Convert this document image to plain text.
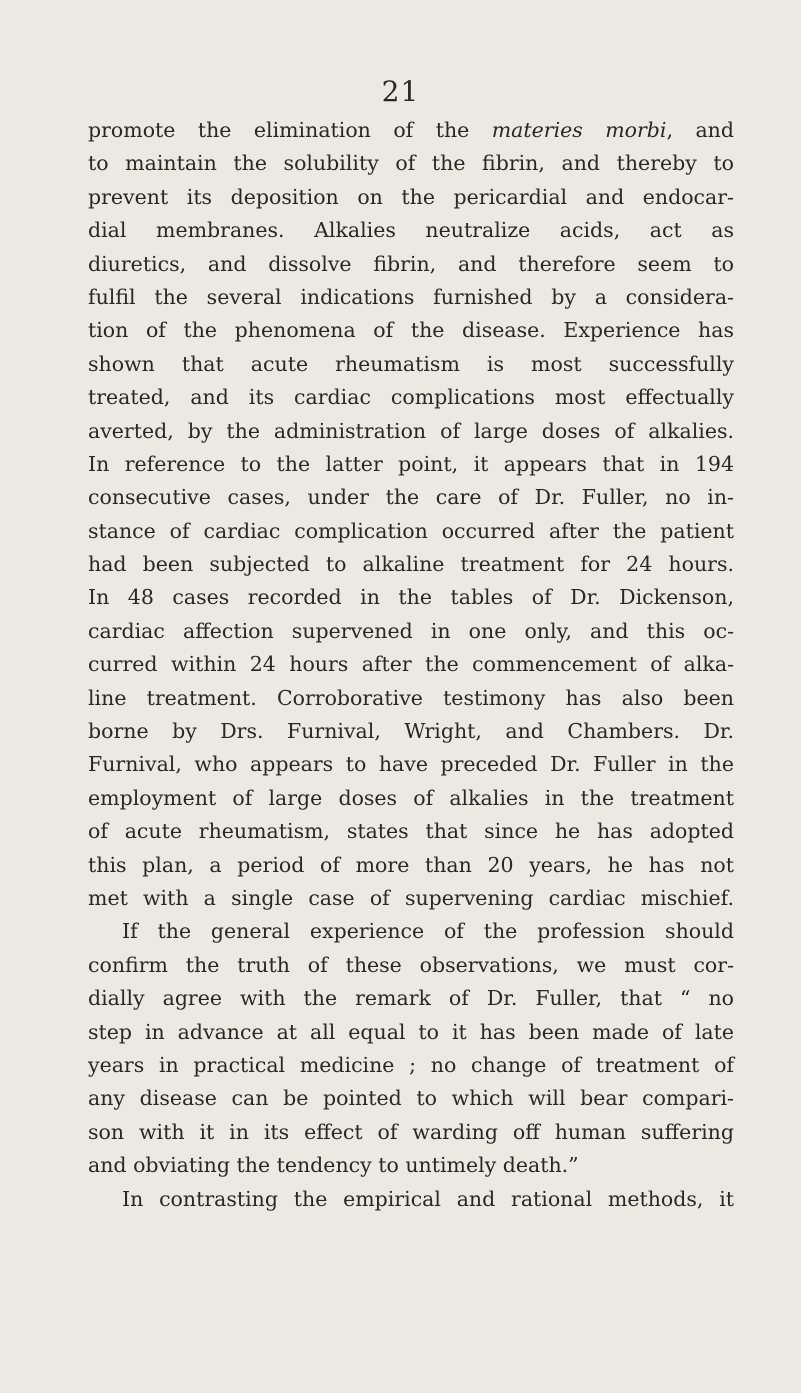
21
promote the elimination of the materies morbi, and
to maintain the solubility of the fibrin, and thereby to
prevent its deposition on the pericardial and endocar-
dial membranes. Alkalies neutralize acids, act as
diuretics, and dissolve fibrin, and therefore seem to
fulfil the several indications furnished by a considera-
tion of the phenomena of the disease. Experience has
shown that acute rheumatism is most successfully
treated, and its cardiac complications most effectually
averted, by the administration of large doses of alkalies.
In reference to the latter point, it appears that in 194
consecutive cases, under the care of Dr. Fuller, no in-
stance of cardiac complication occurred after the patient
had been subjected to alkaline treatment for 24 hours.
In 48 cases recorded in the tables of Dr. Dickenson,
cardiac affection supervened in one only, and this oc-
curred within 24 hours after the commencement of alka-
line treatment. Corroborative testimony has also been
borne by Drs. Furnival, Wright, and Chambers. Dr.
Furnival, who appears to have preceded Dr. Fuller in the
employment of large doses of alkalies in the treatment
of acute rheumatism, states that since he has adopted
this plan, a period of more than 20 years, he has not
met with a single case of supervening cardiac mischief.
If the general experience of the profession should
confirm the truth of these observations, we must cor-
dially agree with the remark of Dr. Fuller, that “ no
step in advance at all equal to it has been made of late
years in practical medicine ; no change of treatment of
any disease can be pointed to which will bear compari-
son with it in its effect of warding off human suffering
and obviating the tendency to untimely death.”
In contrasting the empirical and rational methods, it
